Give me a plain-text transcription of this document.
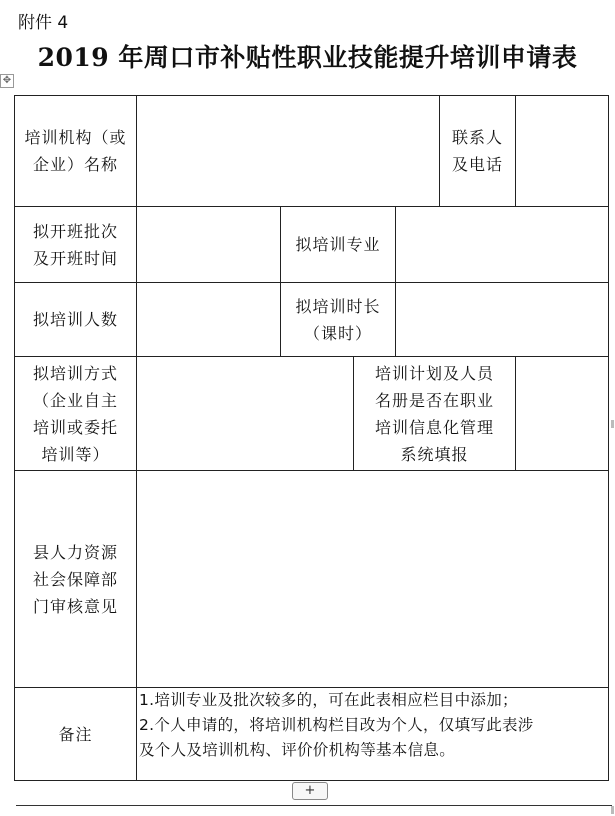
附件 4
2019 年周口市补贴性职业技能提升培训申请表
✥
培训机构（或
企业）名称
联系人
及电话
拟开班批次
及开班时间
拟培训专业
拟培训人数
拟培训时长
（课时）
拟培训方式
（企业自主
培训或委托
培训等）
培训计划及人员
名册是否在职业
培训信息化管理
系统填报
县人力资源
社会保障部
门审核意见
备注
1.培训专业及批次较多的，可在此表相应栏目中添加；
2.个人申请的，将培训机构栏目改为个人，仅填写此表涉
及个人及培训机构、评价价机构等基本信息。
+
